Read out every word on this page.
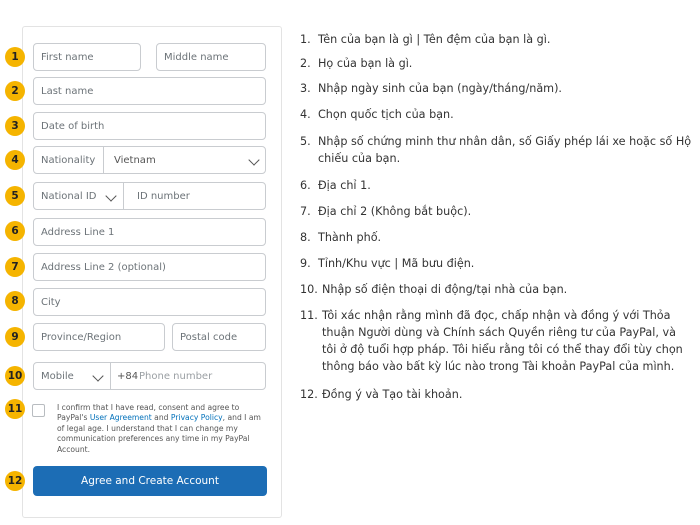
1
2
3
4
5
6
7
8
9
10
11
12
First name	Middle name
Last name
Date of birth
Nationality Vietnam
National ID	ID number
Address Line 1
Address Line 2 (optional)
City
Province/Region	Postal code
Mobile	+84 Phone number
I confirm that I have read, consent and agree to PayPal's User Agreement and Privacy Policy, and I am of legal age. I understand that I can change my communication preferences any time in my PayPal Account.
Agree and Create Account
1. Tên của bạn là gì | Tên đệm của bạn là gì.
2. Họ của bạn là gì.
3. Nhập ngày sinh của bạn (ngày/tháng/năm).
4. Chọn quốc tịch của bạn.
5. Nhập số chứng minh thư nhân dân, số Giấy phép lái xe hoặc số Hộ chiếu của bạn.
6. Địa chỉ 1.
7. Địa chỉ 2 (Không bắt buộc).
8. Thành phố.
9. Tỉnh/Khu vực | Mã bưu điện.
10. Nhập số điện thoại di động/tại nhà của bạn.
11. Tôi xác nhận rằng mình đã đọc, chấp nhận và đồng ý với Thỏa thuận Người dùng và Chính sách Quyền riêng tư của PayPal, và tôi ở độ tuổi hợp pháp. Tôi hiểu rằng tôi có thể thay đổi tùy chọn thông báo vào bất kỳ lúc nào trong Tài khoản PayPal của mình.
12. Đồng ý và Tạo tài khoản.
